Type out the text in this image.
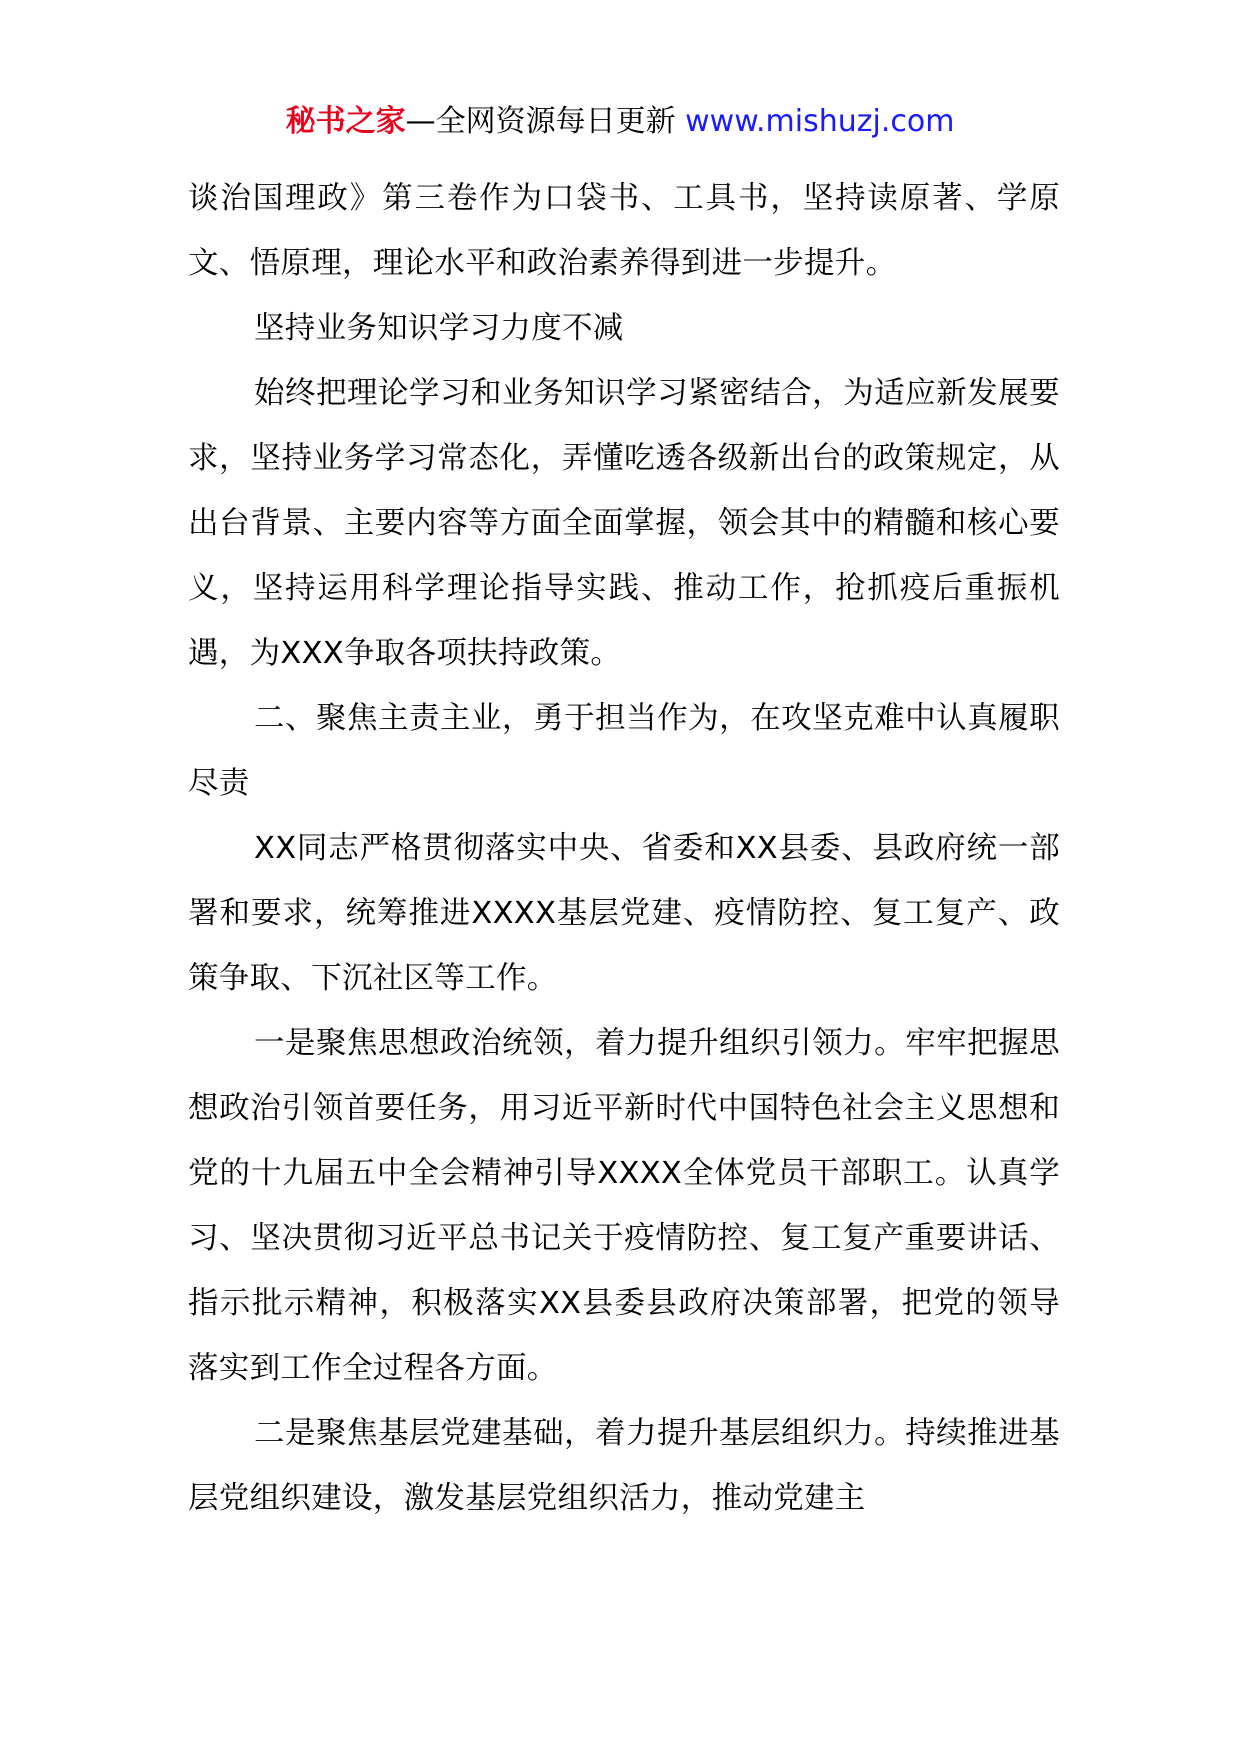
秘书之家—全网资源每日更新 www.mishuzj.com

谈治国理政》第三卷作为口袋书、工具书，坚持读原著、学原文、悟原理，理论水平和政治素养得到进一步提升。

坚持业务知识学习力度不减

始终把理论学习和业务知识学习紧密结合，为适应新发展要求，坚持业务学习常态化，弄懂吃透各级新出台的政策规定，从出台背景、主要内容等方面全面掌握，领会其中的精髓和核心要义，坚持运用科学理论指导实践、推动工作，抢抓疫后重振机遇，为XXX争取各项扶持政策。

二、聚焦主责主业，勇于担当作为，在攻坚克难中认真履职尽责

XX同志严格贯彻落实中央、省委和XX县委、县政府统一部署和要求，统筹推进XXXX基层党建、疫情防控、复工复产、政策争取、下沉社区等工作。

一是聚焦思想政治统领，着力提升组织引领力。牢牢把握思想政治引领首要任务，用习近平新时代中国特色社会主义思想和党的十九届五中全会精神引导XXXX全体党员干部职工。认真学习、坚决贯彻习近平总书记关于疫情防控、复工复产重要讲话、指示批示精神，积极落实XX县委县政府决策部署，把党的领导落实到工作全过程各方面。

二是聚焦基层党建基础，着力提升基层组织力。持续推进基层党组织建设，激发基层党组织活力，推动党建主
